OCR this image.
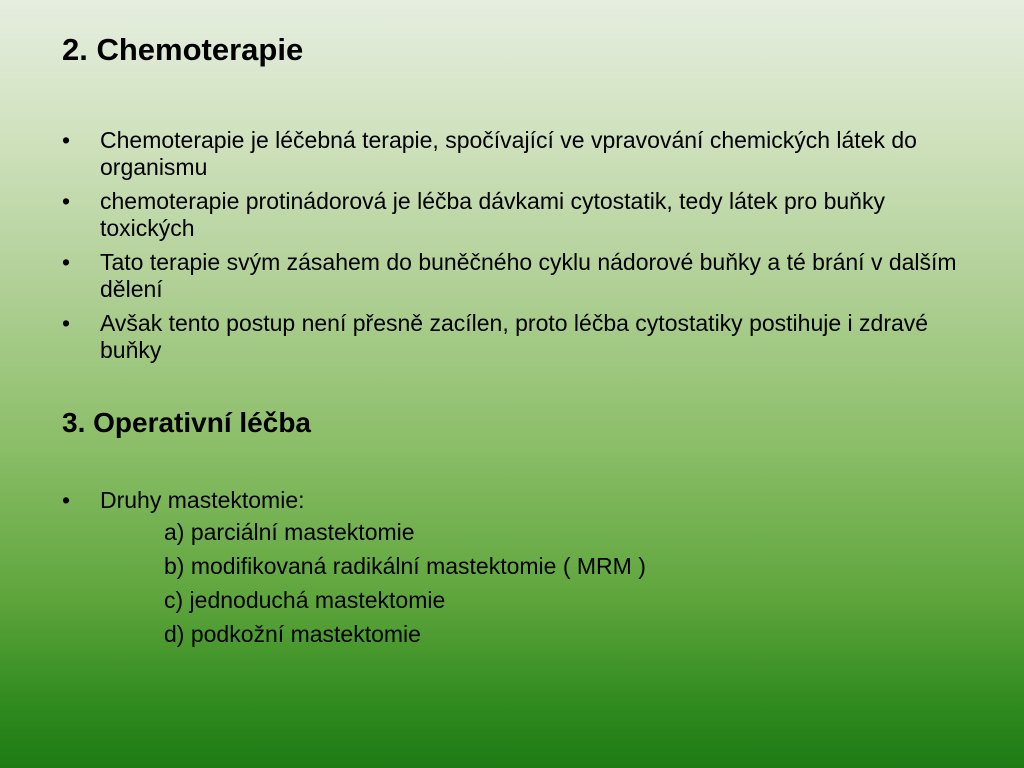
2. Chemoterapie
•	Chemoterapie je léčebná terapie, spočívající ve vpravování chemických látek do organismu
•	chemoterapie protinádorová je léčba dávkami cytostatik, tedy látek pro buňky toxických
•	Tato terapie svým zásahem do buněčného cyklu nádorové buňky a té brání v dalším dělení
•	Avšak tento postup není přesně zacílen, proto léčba cytostatiky postihuje i zdravé buňky
3. Operativní léčba
•	Druhy mastektomie:
a) parciální mastektomie
b) modifikovaná radikální mastektomie ( MRM )
c) jednoduchá mastektomie
d) podkožní mastektomie
